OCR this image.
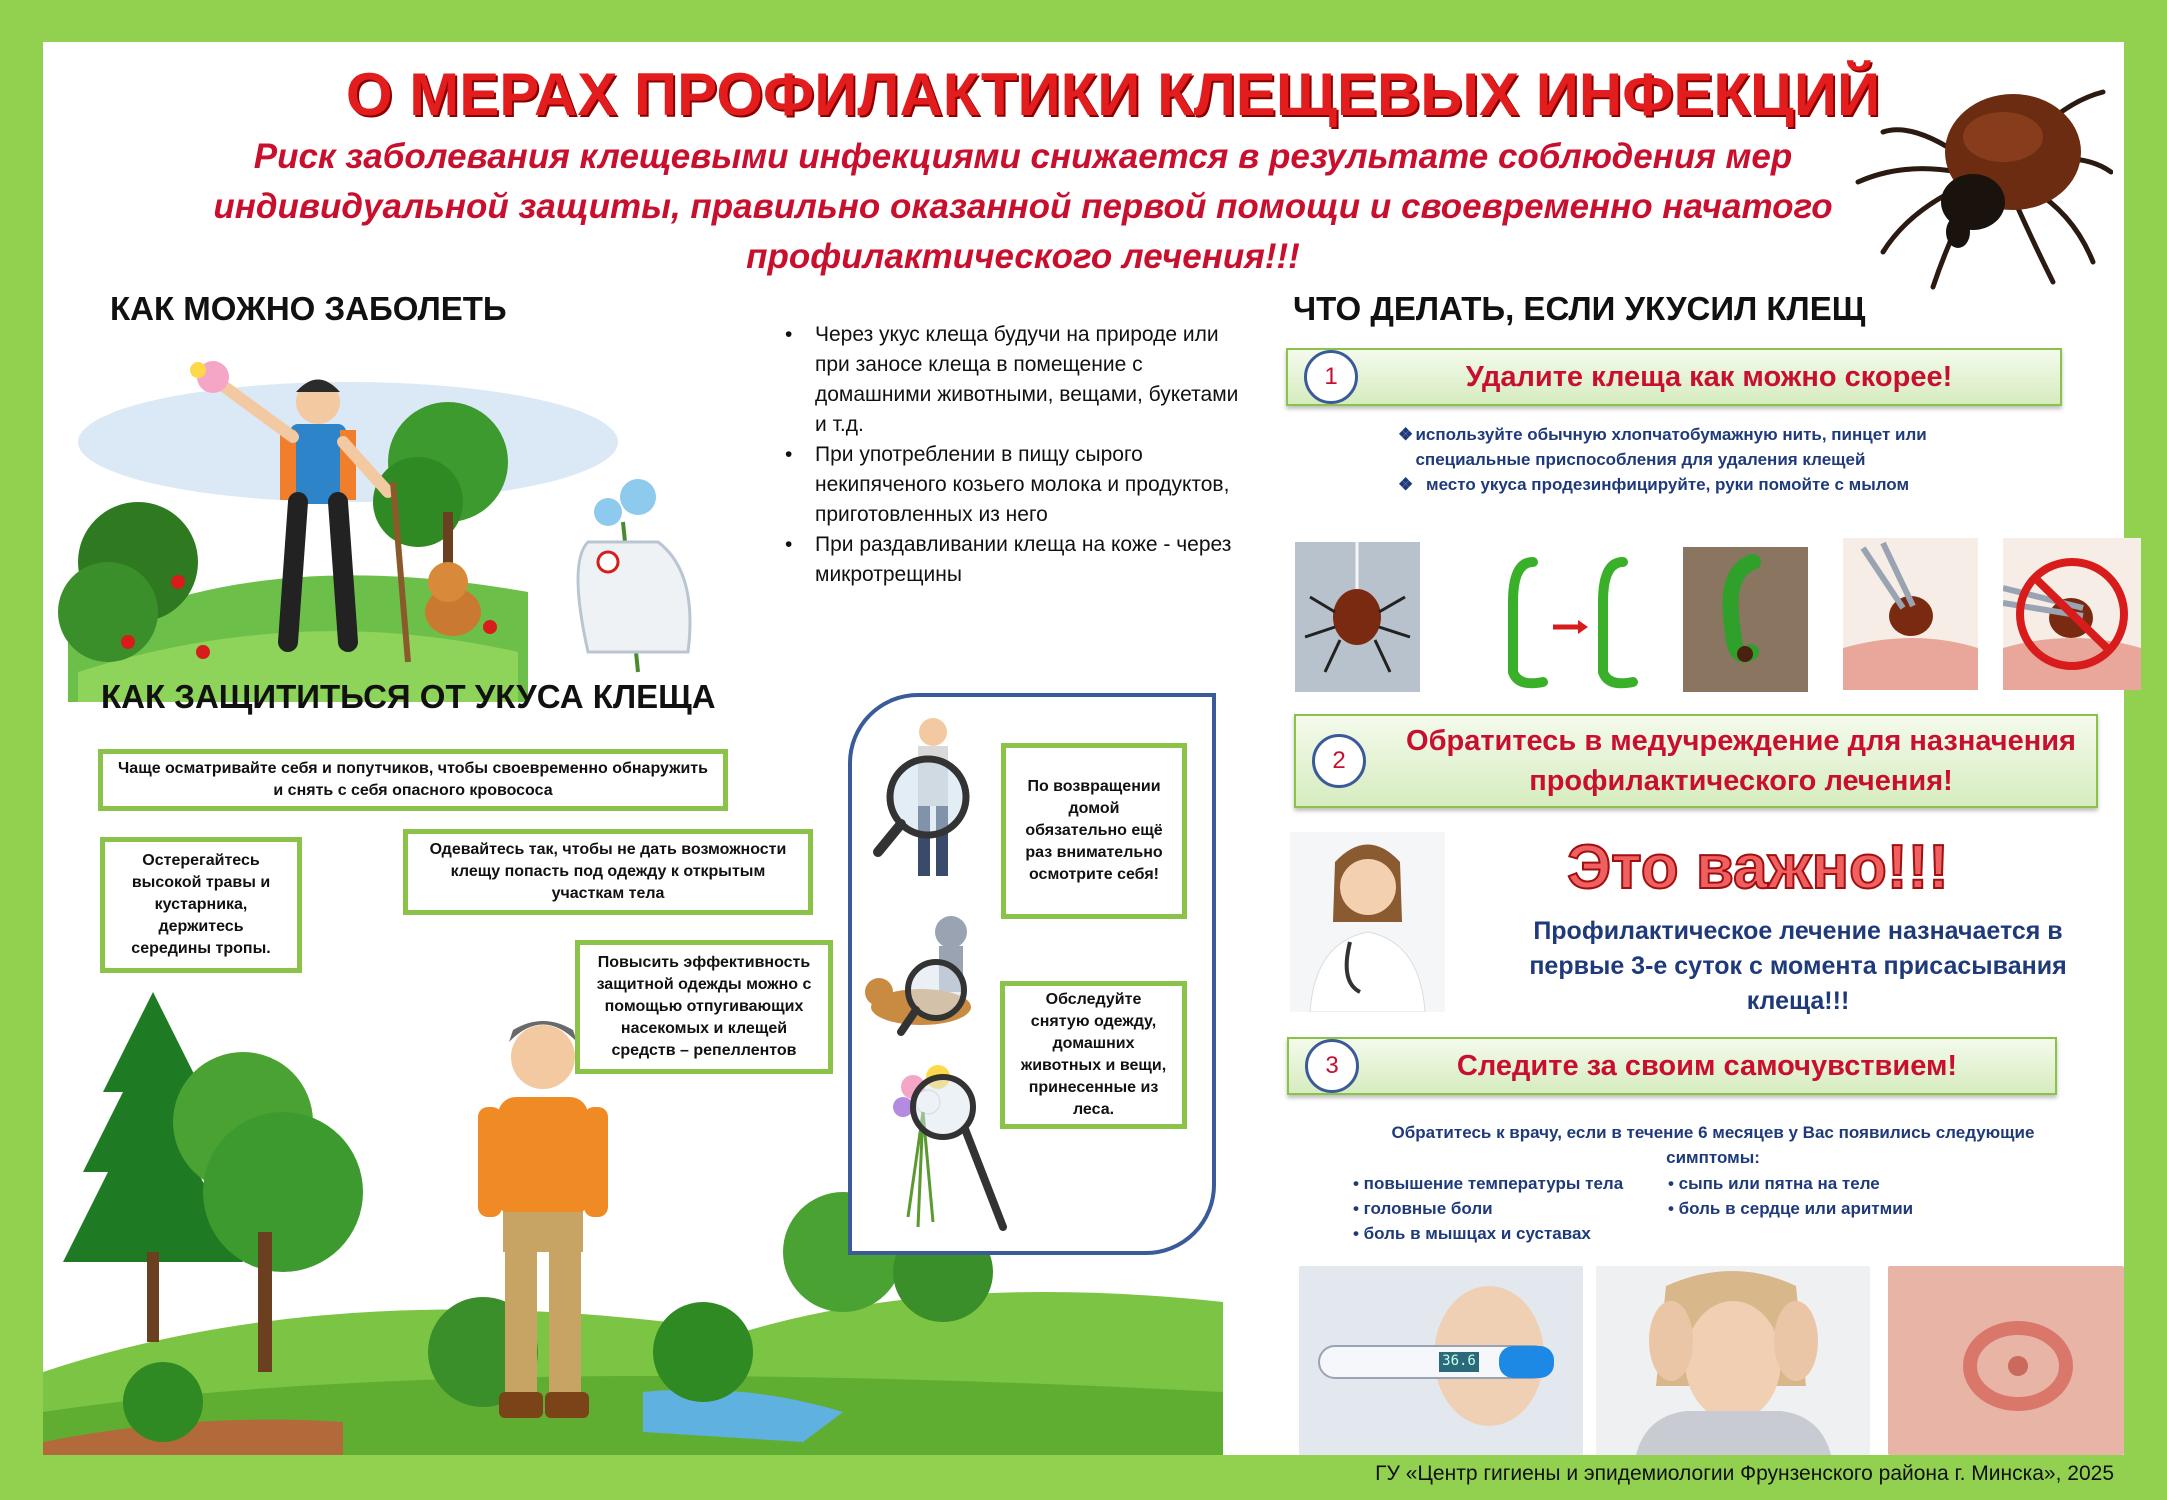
О МЕРАХ ПРОФИЛАКТИКИ КЛЕЩЕВЫХ ИНФЕКЦИЙ
Риск заболевания клещевыми инфекциями снижается в результате соблюдения мер индивидуальной защиты, правильно оказанной первой помощи и своевременно начатого профилактического лечения!!!
КАК МОЖНО ЗАБОЛЕТЬ
• Через укус клеща будучи на природе или при заносе клеща в помещение с домашними животными, вещами, букетами и т.д.
• При употреблении в пищу сырого некипяченого козьего молока и продуктов, приготовленных из него
• При раздавливании клеща на коже - через микротрещины
КАК ЗАЩИТИТЬСЯ ОТ УКУСА КЛЕЩА
Чаще осматривайте себя и попутчиков, чтобы своевременно обнаружить и снять с себя опасного кровососа
Остерегайтесь высокой травы и кустарника, держитесь середины тропы.
Одевайтесь так, чтобы не дать возможности клещу попасть под одежду к открытым участкам тела
Повысить эффективность защитной одежды можно с помощью отпугивающих насекомых и клещей средств – репеллентов
По возвращении домой обязательно ещё раз внимательно осмотрите себя!
Обследуйте снятую одежду, домашних животных и вещи, принесенные из леса.
ЧТО ДЕЛАТЬ, ЕСЛИ УКУСИЛ КЛЕЩ
1	Удалите клеща как можно скорее!
❖ используйте обычную хлопчатобумажную нить, пинцет или специальные приспособления для удаления клещей
❖ место укуса продезинфицируйте, руки помойте с мылом
2
Обратитесь в медучреждение для назначения профилактического лечения!
Это важно!!!
Профилактическое лечение назначается в первые 3-е суток с момента присасывания клеща!!!
3	Следите за своим самочувствием!
Обратитесь к врачу, если в течение 6 месяцев у Вас появились следующие симптомы:
• повышение температуры тела
• головные боли
• боль в мышцах и суставах
• сыпь или пятна на теле
• боль в сердце или аритмии
36.6
ГУ «Центр гигиены и эпидемиологии Фрунзенского района г. Минска», 2025
